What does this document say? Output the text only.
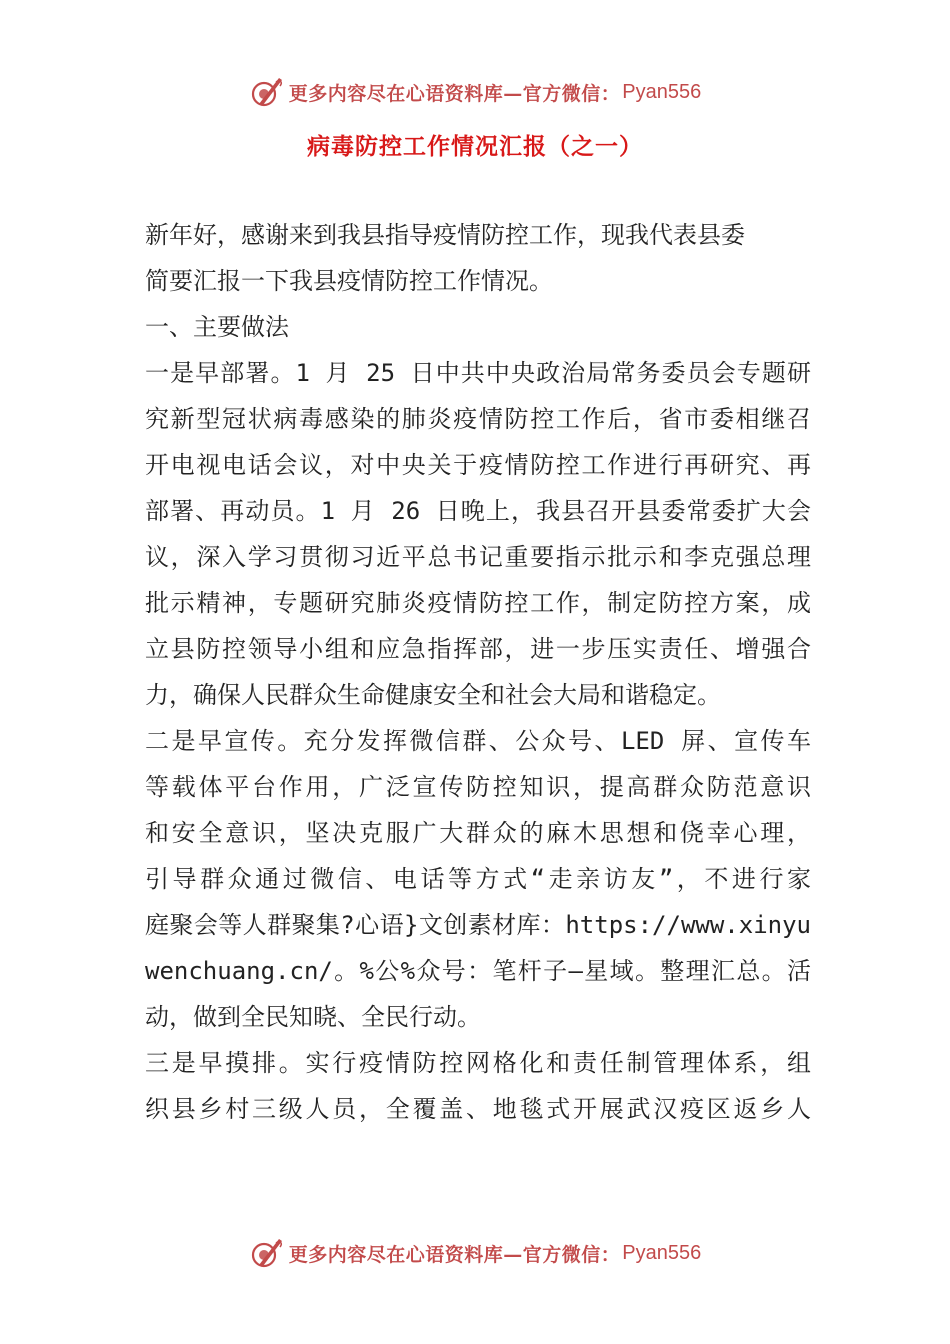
更多内容尽在心语资料库—官方微信： Pyan556
病毒防控工作情况汇报（之一）
新年好，感谢来到我县指导疫情防控工作，现我代表县委
简要汇报一下我县疫情防控工作情况。
一、主要做法
一是早部署。1 月 25 日中共中央政治局常务委员会专题研
究新型冠状病毒感染的肺炎疫情防控工作后，省市委相继召
开电视电话会议，对中央关于疫情防控工作进行再研究、再
部署、再动员。1 月 26 日晚上，我县召开县委常委扩大会
议，深入学习贯彻习近平总书记重要指示批示和李克强总理
批示精神，专题研究肺炎疫情防控工作，制定防控方案，成
立县防控领导小组和应急指挥部，进一步压实责任、增强合
力，确保人民群众生命健康安全和社会大局和谐稳定。
二是早宣传。充分发挥微信群、公众号、LED 屏、宣传车
等载体平台作用，广泛宣传防控知识，提高群众防范意识
和安全意识，坚决克服广大群众的麻木思想和侥幸心理，
引导群众通过微信、电话等方式“走亲访友”，不进行家
庭聚会等人群聚集?心语}文创素材库：https://www.xinyu
wenchuang.cn/。%公%众号：笔杆子—星域。整理汇总。活
动，做到全民知晓、全民行动。
三是早摸排。实行疫情防控网格化和责任制管理体系，组
织县乡村三级人员，全覆盖、地毯式开展武汉疫区返乡人
更多内容尽在心语资料库—官方微信： Pyan556
